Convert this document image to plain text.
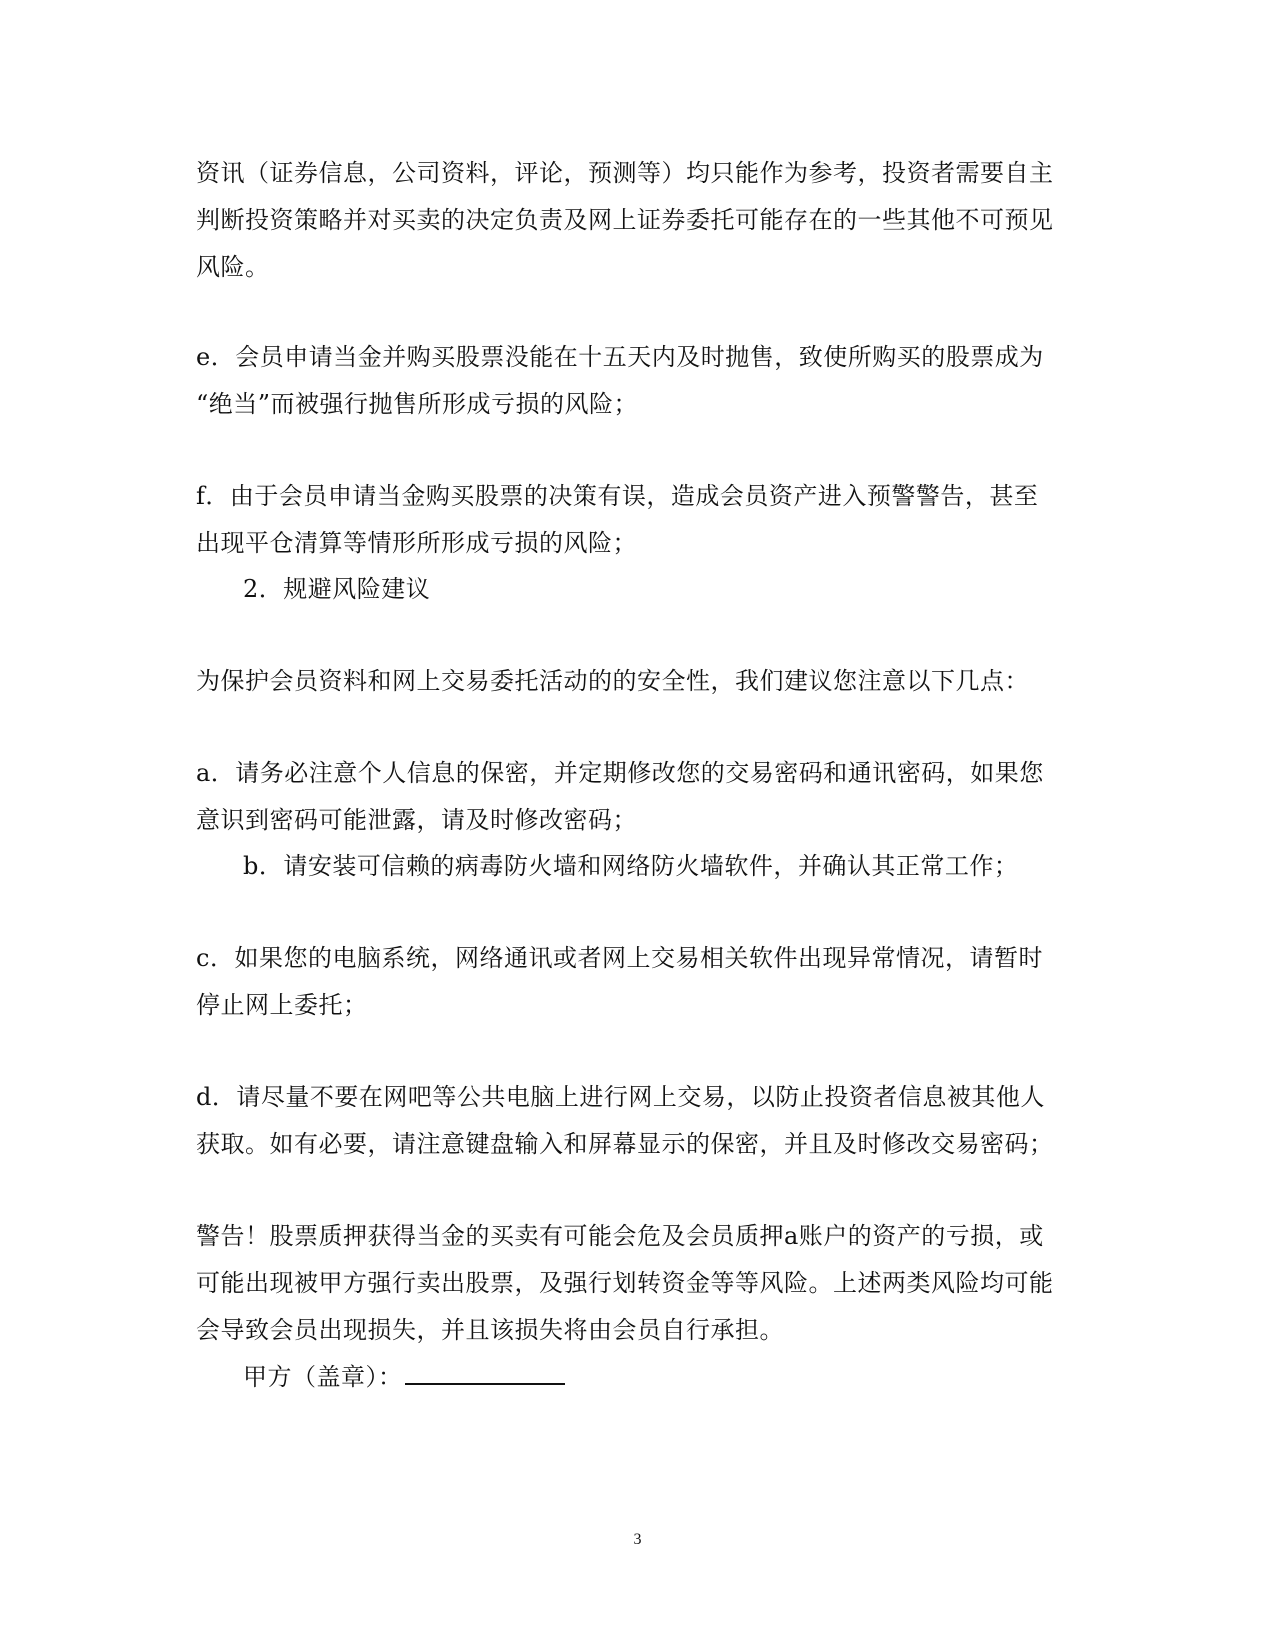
资讯（证券信息，公司资料，评论，预测等）均只能作为参考，投资者需要自主
判断投资策略并对买卖的决定负责及网上证券委托可能存在的一些其他不可预见
风险。
e．会员申请当金并购买股票没能在十五天内及时抛售，致使所购买的股票成为
“绝当”而被强行抛售所形成亏损的风险；
f．由于会员申请当金购买股票的决策有误，造成会员资产进入预警警告，甚至
出现平仓清算等情形所形成亏损的风险；
2．规避风险建议
为保护会员资料和网上交易委托活动的的安全性，我们建议您注意以下几点：
a．请务必注意个人信息的保密，并定期修改您的交易密码和通讯密码，如果您
意识到密码可能泄露，请及时修改密码；
b．请安装可信赖的病毒防火墙和网络防火墙软件，并确认其正常工作；
c．如果您的电脑系统，网络通讯或者网上交易相关软件出现异常情况，请暂时
停止网上委托；
d．请尽量不要在网吧等公共电脑上进行网上交易，以防止投资者信息被其他人
获取。如有必要，请注意键盘输入和屏幕显示的保密，并且及时修改交易密码；
警告！股票质押获得当金的买卖有可能会危及会员质押a账户的资产的亏损，或
可能出现被甲方强行卖出股票，及强行划转资金等等风险。上述两类风险均可能
会导致会员出现损失，并且该损失将由会员自行承担。
甲方（盖章）：
3
